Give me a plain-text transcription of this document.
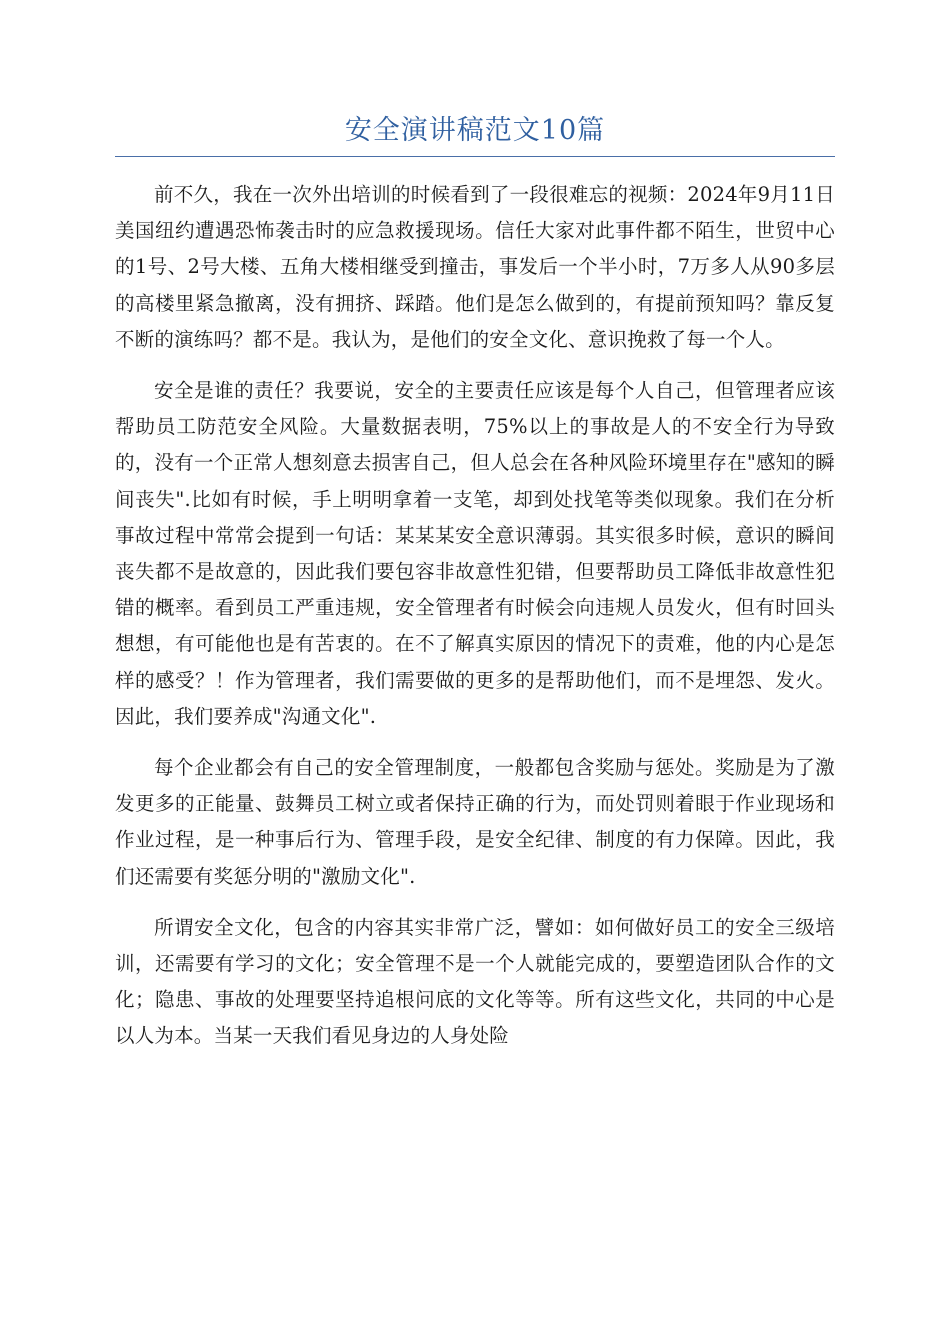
安全演讲稿范文10篇

前不久，我在一次外出培训的时候看到了一段很难忘的视频：2024年9月11日美国纽约遭遇恐怖袭击时的应急救援现场。信任大家对此事件都不陌生，世贸中心的1号、2号大楼、五角大楼相继受到撞击，事发后一个半小时，7万多人从90多层的高楼里紧急撤离，没有拥挤、踩踏。他们是怎么做到的，有提前预知吗？靠反复不断的演练吗？都不是。我认为，是他们的安全文化、意识挽救了每一个人。

安全是谁的责任？我要说，安全的主要责任应该是每个人自己，但管理者应该帮助员工防范安全风险。大量数据表明，75%以上的事故是人的不安全行为导致的，没有一个正常人想刻意去损害自己，但人总会在各种风险环境里存在"感知的瞬间丧失".比如有时候，手上明明拿着一支笔，却到处找笔等类似现象。我们在分析事故过程中常常会提到一句话：某某某安全意识薄弱。其实很多时候，意识的瞬间丧失都不是故意的，因此我们要包容非故意性犯错，但要帮助员工降低非故意性犯错的概率。看到员工严重违规，安全管理者有时候会向违规人员发火，但有时回头想想，有可能他也是有苦衷的。在不了解真实原因的情况下的责难，他的内心是怎样的感受？！作为管理者，我们需要做的更多的是帮助他们，而不是埋怨、发火。因此，我们要养成"沟通文化".

每个企业都会有自己的安全管理制度，一般都包含奖励与惩处。奖励是为了激发更多的正能量、鼓舞员工树立或者保持正确的行为，而处罚则着眼于作业现场和作业过程，是一种事后行为、管理手段，是安全纪律、制度的有力保障。因此，我们还需要有奖惩分明的"激励文化".

所谓安全文化，包含的内容其实非常广泛，譬如：如何做好员工的安全三级培训，还需要有学习的文化；安全管理不是一个人就能完成的，要塑造团队合作的文化；隐患、事故的处理要坚持追根问底的文化等等。所有这些文化，共同的中心是以人为本。当某一天我们看见身边的人身处险
